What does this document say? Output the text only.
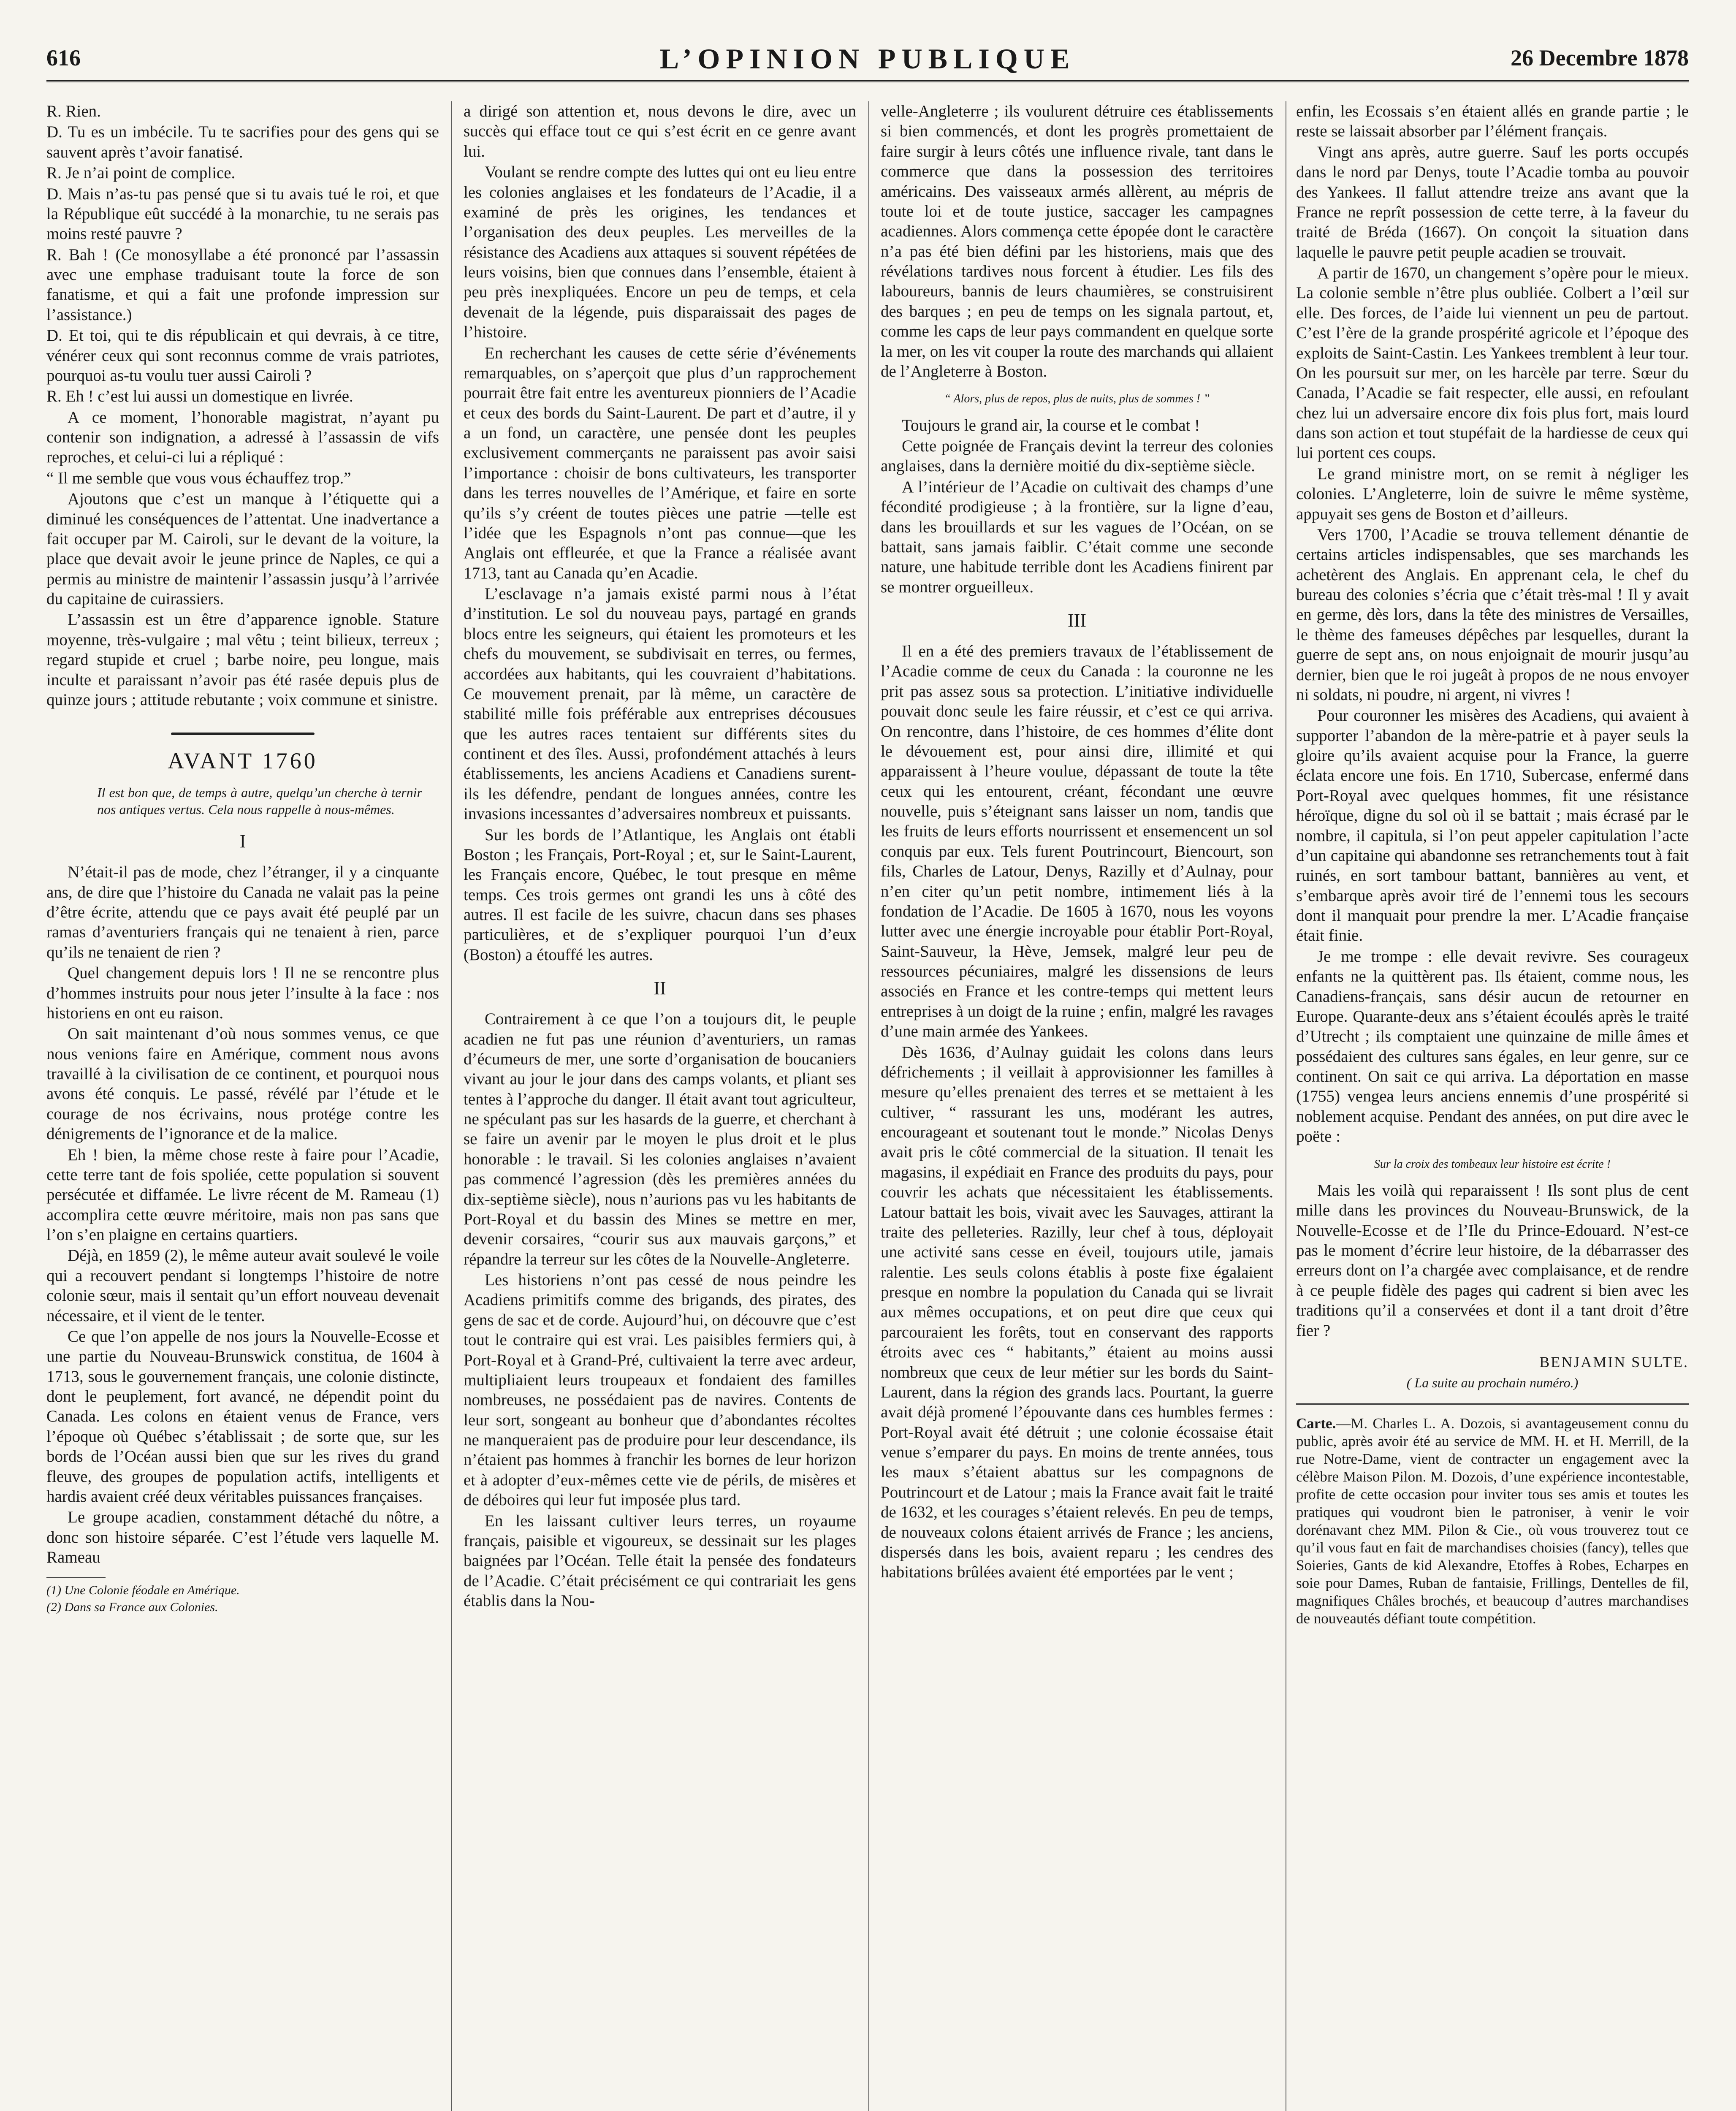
616	L’OPINION PUBLIQUE	26 Decembre 1878

R. Rien.

D. Tu es un imbécile. Tu te sacrifies pour des gens qui se sauvent après t’avoir fanatisé.

R. Je n’ai point de complice.

D. Mais n’as-tu pas pensé que si tu avais tué le roi, et que la République eût succédé à la monarchie, tu ne serais pas moins resté pauvre ?

R. Bah ! (Ce monosyllabe a été prononcé par l’assassin avec une emphase traduisant toute la force de son fanatisme, et qui a fait une profonde impression sur l’assistance.)

D. Et toi, qui te dis républicain et qui devrais, à ce titre, vénérer ceux qui sont reconnus comme de vrais patriotes, pourquoi as-tu voulu tuer aussi Cairoli ?

R. Eh ! c’est lui aussi un domestique en livrée.

A ce moment, l’honorable magistrat, n’ayant pu contenir son indignation, a adressé à l’assassin de vifs reproches, et celui-ci lui a répliqué :

“ Il me semble que vous vous échauffez trop.”

Ajoutons que c’est un manque à l’étiquette qui a diminué les conséquences de l’attentat. Une inadvertance a fait occuper par M. Cairoli, sur le devant de la voiture, la place que devait avoir le jeune prince de Naples, ce qui a permis au ministre de maintenir l’assassin jusqu’à l’arrivée du capitaine de cuirassiers.

L’assassin est un être d’apparence ignoble. Stature moyenne, très-vulgaire ; mal vêtu ; teint bilieux, terreux ; regard stupide et cruel ; barbe noire, peu longue, mais inculte et paraissant n’avoir pas été rasée depuis plus de quinze jours ; attitude rebutante ; voix commune et sinistre.

AVANT 1760
Il est bon que, de temps à autre, quelqu’un cherche à ternir nos antiques vertus. Cela nous rappelle à nous-mêmes.
I

N’était-il pas de mode, chez l’étranger, il y a cinquante ans, de dire que l’histoire du Canada ne valait pas la peine d’être écrite, attendu que ce pays avait été peuplé par un ramas d’aventuriers français qui ne tenaient à rien, parce qu’ils ne tenaient de rien ?

Quel changement depuis lors ! Il ne se rencontre plus d’hommes instruits pour nous jeter l’insulte à la face : nos historiens en ont eu raison.

On sait maintenant d’où nous sommes venus, ce que nous venions faire en Amérique, comment nous avons travaillé à la civilisation de ce continent, et pourquoi nous avons été conquis. Le passé, révélé par l’étude et le courage de nos écrivains, nous protége contre les dénigrements de l’ignorance et de la malice.

Eh ! bien, la même chose reste à faire pour l’Acadie, cette terre tant de fois spoliée, cette population si souvent persécutée et diffamée. Le livre récent de M. Rameau (1) accomplira cette œuvre méritoire, mais non pas sans que l’on s’en plaigne en certains quartiers.

Déjà, en 1859 (2), le même auteur avait soulevé le voile qui a recouvert pendant si longtemps l’histoire de notre colonie sœur, mais il sentait qu’un effort nouveau devenait nécessaire, et il vient de le tenter.

Ce que l’on appelle de nos jours la Nouvelle-Ecosse et une partie du Nouveau-Brunswick constitua, de 1604 à 1713, sous le gouvernement français, une colonie distincte, dont le peuplement, fort avancé, ne dépendit point du Canada. Les colons en étaient venus de France, vers l’époque où Québec s’établissait ; de sorte que, sur les bords de l’Océan aussi bien que sur les rives du grand fleuve, des groupes de population actifs, intelligents et hardis avaient créé deux véritables puissances françaises.

Le groupe acadien, constamment détaché du nôtre, a donc son histoire séparée. C’est l’étude vers laquelle M. Rameau

(1) Une Colonie féodale en Amérique.

(2) Dans sa France aux Colonies.

a dirigé son attention et, nous devons le dire, avec un succès qui efface tout ce qui s’est écrit en ce genre avant lui.

Voulant se rendre compte des luttes qui ont eu lieu entre les colonies anglaises et les fondateurs de l’Acadie, il a examiné de près les origines, les tendances et l’organisation des deux peuples. Les merveilles de la résistance des Acadiens aux attaques si souvent répétées de leurs voisins, bien que connues dans l’ensemble, étaient à peu près inexpliquées. Encore un peu de temps, et cela devenait de la légende, puis disparaissait des pages de l’histoire.

En recherchant les causes de cette série d’événements remarquables, on s’aperçoit que plus d’un rapprochement pourrait être fait entre les aventureux pionniers de l’Acadie et ceux des bords du Saint-Laurent. De part et d’autre, il y a un fond, un caractère, une pensée dont les peuples exclusivement commerçants ne paraissent pas avoir saisi l’importance : choisir de bons cultivateurs, les transporter dans les terres nouvelles de l’Amérique, et faire en sorte qu’ils s’y créent de toutes pièces une patrie —telle est l’idée que les Espagnols n’ont pas connue—que les Anglais ont effleurée, et que la France a réalisée avant 1713, tant au Canada qu’en Acadie.

L’esclavage n’a jamais existé parmi nous à l’état d’institution. Le sol du nouveau pays, partagé en grands blocs entre les seigneurs, qui étaient les promoteurs et les chefs du mouvement, se subdivisait en terres, ou fermes, accordées aux habitants, qui les couvraient d’habitations. Ce mouvement prenait, par là même, un caractère de stabilité mille fois préférable aux entreprises décousues que les autres races tentaient sur différents sites du continent et des îles. Aussi, profondément attachés à leurs établissements, les anciens Acadiens et Canadiens surent-ils les défendre, pendant de longues années, contre les invasions incessantes d’adversaires nombreux et puissants.

Sur les bords de l’Atlantique, les Anglais ont établi Boston ; les Français, Port-Royal ; et, sur le Saint-Laurent, les Français encore, Québec, le tout presque en même temps. Ces trois germes ont grandi les uns à côté des autres. Il est facile de les suivre, chacun dans ses phases particulières, et de s’expliquer pourquoi l’un d’eux (Boston) a étouffé les autres.

II

Contrairement à ce que l’on a toujours dit, le peuple acadien ne fut pas une réunion d’aventuriers, un ramas d’écumeurs de mer, une sorte d’organisation de boucaniers vivant au jour le jour dans des camps volants, et pliant ses tentes à l’approche du danger. Il était avant tout agriculteur, ne spéculant pas sur les hasards de la guerre, et cherchant à se faire un avenir par le moyen le plus droit et le plus honorable : le travail. Si les colonies anglaises n’avaient pas commencé l’agression (dès les premières années du dix-septième siècle), nous n’aurions pas vu les habitants de Port-Royal et du bassin des Mines se mettre en mer, devenir corsaires, “courir sus aux mauvais garçons,” et répandre la terreur sur les côtes de la Nouvelle-Angleterre.

Les historiens n’ont pas cessé de nous peindre les Acadiens primitifs comme des brigands, des pirates, des gens de sac et de corde. Aujourd’hui, on découvre que c’est tout le contraire qui est vrai. Les paisibles fermiers qui, à Port-Royal et à Grand-Pré, cultivaient la terre avec ardeur, multipliaient leurs troupeaux et fondaient des familles nombreuses, ne possédaient pas de navires. Contents de leur sort, songeant au bonheur que d’abondantes récoltes ne manqueraient pas de produire pour leur descendance, ils n’étaient pas hommes à franchir les bornes de leur horizon et à adopter d’eux-mêmes cette vie de périls, de misères et de déboires qui leur fut imposée plus tard.

En les laissant cultiver leurs terres, un royaume français, paisible et vigoureux, se dessinait sur les plages baignées par l’Océan. Telle était la pensée des fondateurs de l’Acadie. C’était précisément ce qui contrariait les gens établis dans la Nou-

velle-Angleterre ; ils voulurent détruire ces établissements si bien commencés, et dont les progrès promettaient de faire surgir à leurs côtés une influence rivale, tant dans le commerce que dans la possession des territoires américains. Des vaisseaux armés allèrent, au mépris de toute loi et de toute justice, saccager les campagnes acadiennes. Alors commença cette épopée dont le caractère n’a pas été bien défini par les historiens, mais que des révélations tardives nous forcent à étudier. Les fils des laboureurs, bannis de leurs chaumières, se construisirent des barques ; en peu de temps on les signala partout, et, comme les caps de leur pays commandent en quelque sorte la mer, on les vit couper la route des marchands qui allaient de l’Angleterre à Boston.

“ Alors, plus de repos, plus de nuits, plus de sommes ! ”

Toujours le grand air, la course et le combat !

Cette poignée de Français devint la terreur des colonies anglaises, dans la dernière moitié du dix-septième siècle.

A l’intérieur de l’Acadie on cultivait des champs d’une fécondité prodigieuse ; à la frontière, sur la ligne d’eau, dans les brouillards et sur les vagues de l’Océan, on se battait, sans jamais faiblir. C’était comme une seconde nature, une habitude terrible dont les Acadiens finirent par se montrer orgueilleux.

III

Il en a été des premiers travaux de l’établissement de l’Acadie comme de ceux du Canada : la couronne ne les prit pas assez sous sa protection. L’initiative individuelle pouvait donc seule les faire réussir, et c’est ce qui arriva. On rencontre, dans l’histoire, de ces hommes d’élite dont le dévouement est, pour ainsi dire, illimité et qui apparaissent à l’heure voulue, dépassant de toute la tête ceux qui les entourent, créant, fécondant une œuvre nouvelle, puis s’éteignant sans laisser un nom, tandis que les fruits de leurs efforts nourrissent et ensemencent un sol conquis par eux. Tels furent Poutrincourt, Biencourt, son fils, Charles de Latour, Denys, Razilly et d’Aulnay, pour n’en citer qu’un petit nombre, intimement liés à la fondation de l’Acadie. De 1605 à 1670, nous les voyons lutter avec une énergie incroyable pour établir Port-Royal, Saint-Sauveur, la Hève, Jemsek, malgré leur peu de ressources pécuniaires, malgré les dissensions de leurs associés en France et les contre-temps qui mettent leurs entreprises à un doigt de la ruine ; enfin, malgré les ravages d’une main armée des Yankees.

Dès 1636, d’Aulnay guidait les colons dans leurs défrichements ; il veillait à approvisionner les familles à mesure qu’elles prenaient des terres et se mettaient à les cultiver, “ rassurant les uns, modérant les autres, encourageant et soutenant tout le monde.” Nicolas Denys avait pris le côté commercial de la situation. Il tenait les magasins, il expédiait en France des produits du pays, pour couvrir les achats que nécessitaient les établissements. Latour battait les bois, vivait avec les Sauvages, attirant la traite des pelleteries. Razilly, leur chef à tous, déployait une activité sans cesse en éveil, toujours utile, jamais ralentie. Les seuls colons établis à poste fixe égalaient presque en nombre la population du Canada qui se livrait aux mêmes occupations, et on peut dire que ceux qui parcouraient les forêts, tout en conservant des rapports étroits avec ces “ habitants,” étaient au moins aussi nombreux que ceux de leur métier sur les bords du Saint-Laurent, dans la région des grands lacs. Pourtant, la guerre avait déjà promené l’épouvante dans ces humbles fermes : Port-Royal avait été détruit ; une colonie écossaise était venue s’emparer du pays. En moins de trente années, tous les maux s’étaient abattus sur les compagnons de Poutrincourt et de Latour ; mais la France avait fait le traité de 1632, et les courages s’étaient relevés. En peu de temps, de nouveaux colons étaient arrivés de France ; les anciens, dispersés dans les bois, avaient reparu ; les cendres des habitations brûlées avaient été emportées par le vent ;

enfin, les Ecossais s’en étaient allés en grande partie ; le reste se laissait absorber par l’élément français.

Vingt ans après, autre guerre. Sauf les ports occupés dans le nord par Denys, toute l’Acadie tomba au pouvoir des Yankees. Il fallut attendre treize ans avant que la France ne reprît possession de cette terre, à la faveur du traité de Bréda (1667). On conçoit la situation dans laquelle le pauvre petit peuple acadien se trouvait.

A partir de 1670, un changement s’opère pour le mieux. La colonie semble n’être plus oubliée. Colbert a l’œil sur elle. Des forces, de l’aide lui viennent un peu de partout. C’est l’ère de la grande prospérité agricole et l’époque des exploits de Saint-Castin. Les Yankees tremblent à leur tour. On les poursuit sur mer, on les harcèle par terre. Sœur du Canada, l’Acadie se fait respecter, elle aussi, en refoulant chez lui un adversaire encore dix fois plus fort, mais lourd dans son action et tout stupéfait de la hardiesse de ceux qui lui portent ces coups.

Le grand ministre mort, on se remit à négliger les colonies. L’Angleterre, loin de suivre le même système, appuyait ses gens de Boston et d’ailleurs.

Vers 1700, l’Acadie se trouva tellement dénantie de certains articles indispensables, que ses marchands les achetèrent des Anglais. En apprenant cela, le chef du bureau des colonies s’écria que c’était très-mal ! Il y avait en germe, dès lors, dans la tête des ministres de Versailles, le thème des fameuses dépêches par lesquelles, durant la guerre de sept ans, on nous enjoignait de mourir jusqu’au dernier, bien que le roi jugeât à propos de ne nous envoyer ni soldats, ni poudre, ni argent, ni vivres !

Pour couronner les misères des Acadiens, qui avaient à supporter l’abandon de la mère-patrie et à payer seuls la gloire qu’ils avaient acquise pour la France, la guerre éclata encore une fois. En 1710, Subercase, enfermé dans Port-Royal avec quelques hommes, fit une résistance héroïque, digne du sol où il se battait ; mais écrasé par le nombre, il capitula, si l’on peut appeler capitulation l’acte d’un capitaine qui abandonne ses retranchements tout à fait ruinés, en sort tambour battant, bannières au vent, et s’embarque après avoir tiré de l’ennemi tous les secours dont il manquait pour prendre la mer. L’Acadie française était finie.

Je me trompe : elle devait revivre. Ses courageux enfants ne la quittèrent pas. Ils étaient, comme nous, les Canadiens-français, sans désir aucun de retourner en Europe. Quarante-deux ans s’étaient écoulés après le traité d’Utrecht ; ils comptaient une quinzaine de mille âmes et possédaient des cultures sans égales, en leur genre, sur ce continent. On sait ce qui arriva. La déportation en masse (1755) vengea leurs anciens ennemis d’une prospérité si noblement acquise. Pendant des années, on put dire avec le poëte :

Sur la croix des tombeaux leur histoire est écrite !

Mais les voilà qui reparaissent ! Ils sont plus de cent mille dans les provinces du Nouveau-Brunswick, de la Nouvelle-Ecosse et de l’Ile du Prince-Edouard. N’est-ce pas le moment d’écrire leur histoire, de la débarrasser des erreurs dont on l’a chargée avec complaisance, et de rendre à ce peuple fidèle des pages qui cadrent si bien avec les traditions qu’il a conservées et dont il a tant droit d’être fier ?

BENJAMIN SULTE.
( La suite au prochain numéro.)

Carte.—M. Charles L. A. Dozois, si avantageusement connu du public, après avoir été au service de MM. H. et H. Merrill, de la rue Notre-Dame, vient de contracter un engagement avec la célèbre Maison Pilon. M. Dozois, d’une expérience incontestable, profite de cette occasion pour inviter tous ses amis et toutes les pratiques qui voudront bien le patroniser, à venir le voir dorénavant chez MM. Pilon & Cie., où vous trouverez tout ce qu’il vous faut en fait de marchandises choisies (fancy), telles que Soieries, Gants de kid Alexandre, Etoffes à Robes, Echarpes en soie pour Dames, Ruban de fantaisie, Frillings, Dentelles de fil, magnifiques Châles brochés, et beaucoup d’autres marchandises de nouveautés défiant toute compétition.
